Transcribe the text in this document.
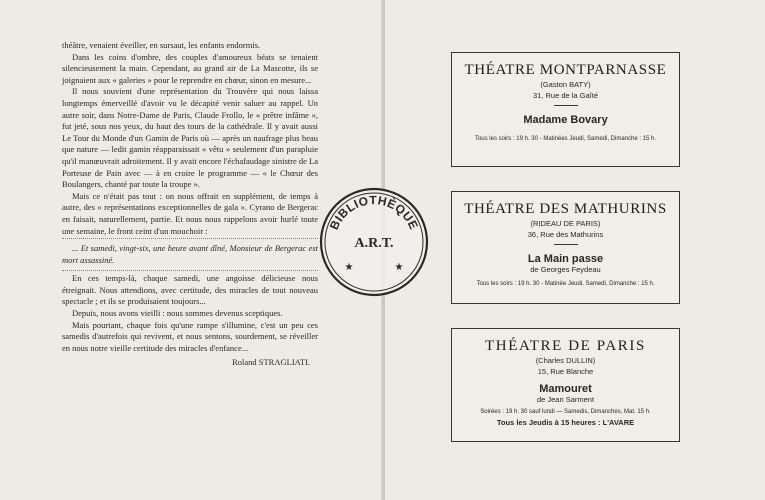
théâtre, venaient éveiller, en sursaut, les enfants endormis.

Dans les coins d'ombre, des couples d'amoureux béats se tenaient silencieusement la main. Cependant, au grand air de La Mascotte, ils se joignaient aux « galeries » pour le reprendre en chœur, sinon en mesure...

Il nous souvient d'une représentation du Trouvère qui nous laissa longtemps émerveillé d'avoir vu le décapité venir saluer au rappel. Un autre soir, dans Notre-Dame de Paris, Claude Frollo, le « prêtre infâme », fut jeté, sous nos yeux, du haut des tours de la cathédrale. Il y avait aussi Le Tour du Monde d'un Gamin de Paris où — après un naufrage plus beau que nature — ledit gamin réapparaissait « vêtu » seulement d'un parapluie qu'il manœuvrait adroitement. Il y avait encore l'échafaudage sinistre de La Porteuse de Pain avec — à en croire le programme — « le Chœur des Boulangers, chanté par toute la troupe ».

Mais ce n'était pas tout : on nous offrait en supplément, de temps à autre, des « représentations exceptionnelles de gala ». Cyrano de Bergerac en faisait, naturellement, partie. Et nous nous rappelons avoir hurlé toute une semaine, le front ceint d'un mouchoir :

... Et samedi, vingt-six, une heure avant dîné, Monsieur de Bergerac est mort assassiné.

En ces temps-là, chaque samedi, une angoisse délicieuse nous étreignait. Nous attendions, avec certitude, des miracles de tout nouveau spectacle ; et ils se produisaient toujours...

Depuis, nous avons vieilli : nous sommes devenus sceptiques.

Mais pourtant, chaque fois qu'une rampe s'illumine, c'est un peu ces samedis d'autrefois qui revivent, et nous sentons, sourdement, se réveiller en nous notre vieille certitude des miracles d'enfance...

Roland STRAGLIATI.

THÉATRE MONTPARNASSE
(Gaston BATY)
31, Rue de la Gaîté
Madame Bovary
Tous les soirs : 19 h. 30 - Matinées Jeudi, Samedi, Dimanche : 15 h.
THÉATRE DES MATHURINS
(RIDEAU DE PARIS)
36, Rue des Mathurins
La Main passe
de Georges Feydeau
Tous les soirs : 19 h. 30 - Matinée Jeudi, Samedi, Dimanche : 15 h.
THÉATRE DE PARIS
(Charles DULLIN)
15, Rue Blanche
Mamouret
de Jean Sarment
Soirées : 19 h. 30 sauf lundi — Samedis, Dimanches, Mat. 15 h.
Tous les Jeudis à 15 heures : L'AVARE
BIBLIOTHÈQUE
A.R.T.
★	★
